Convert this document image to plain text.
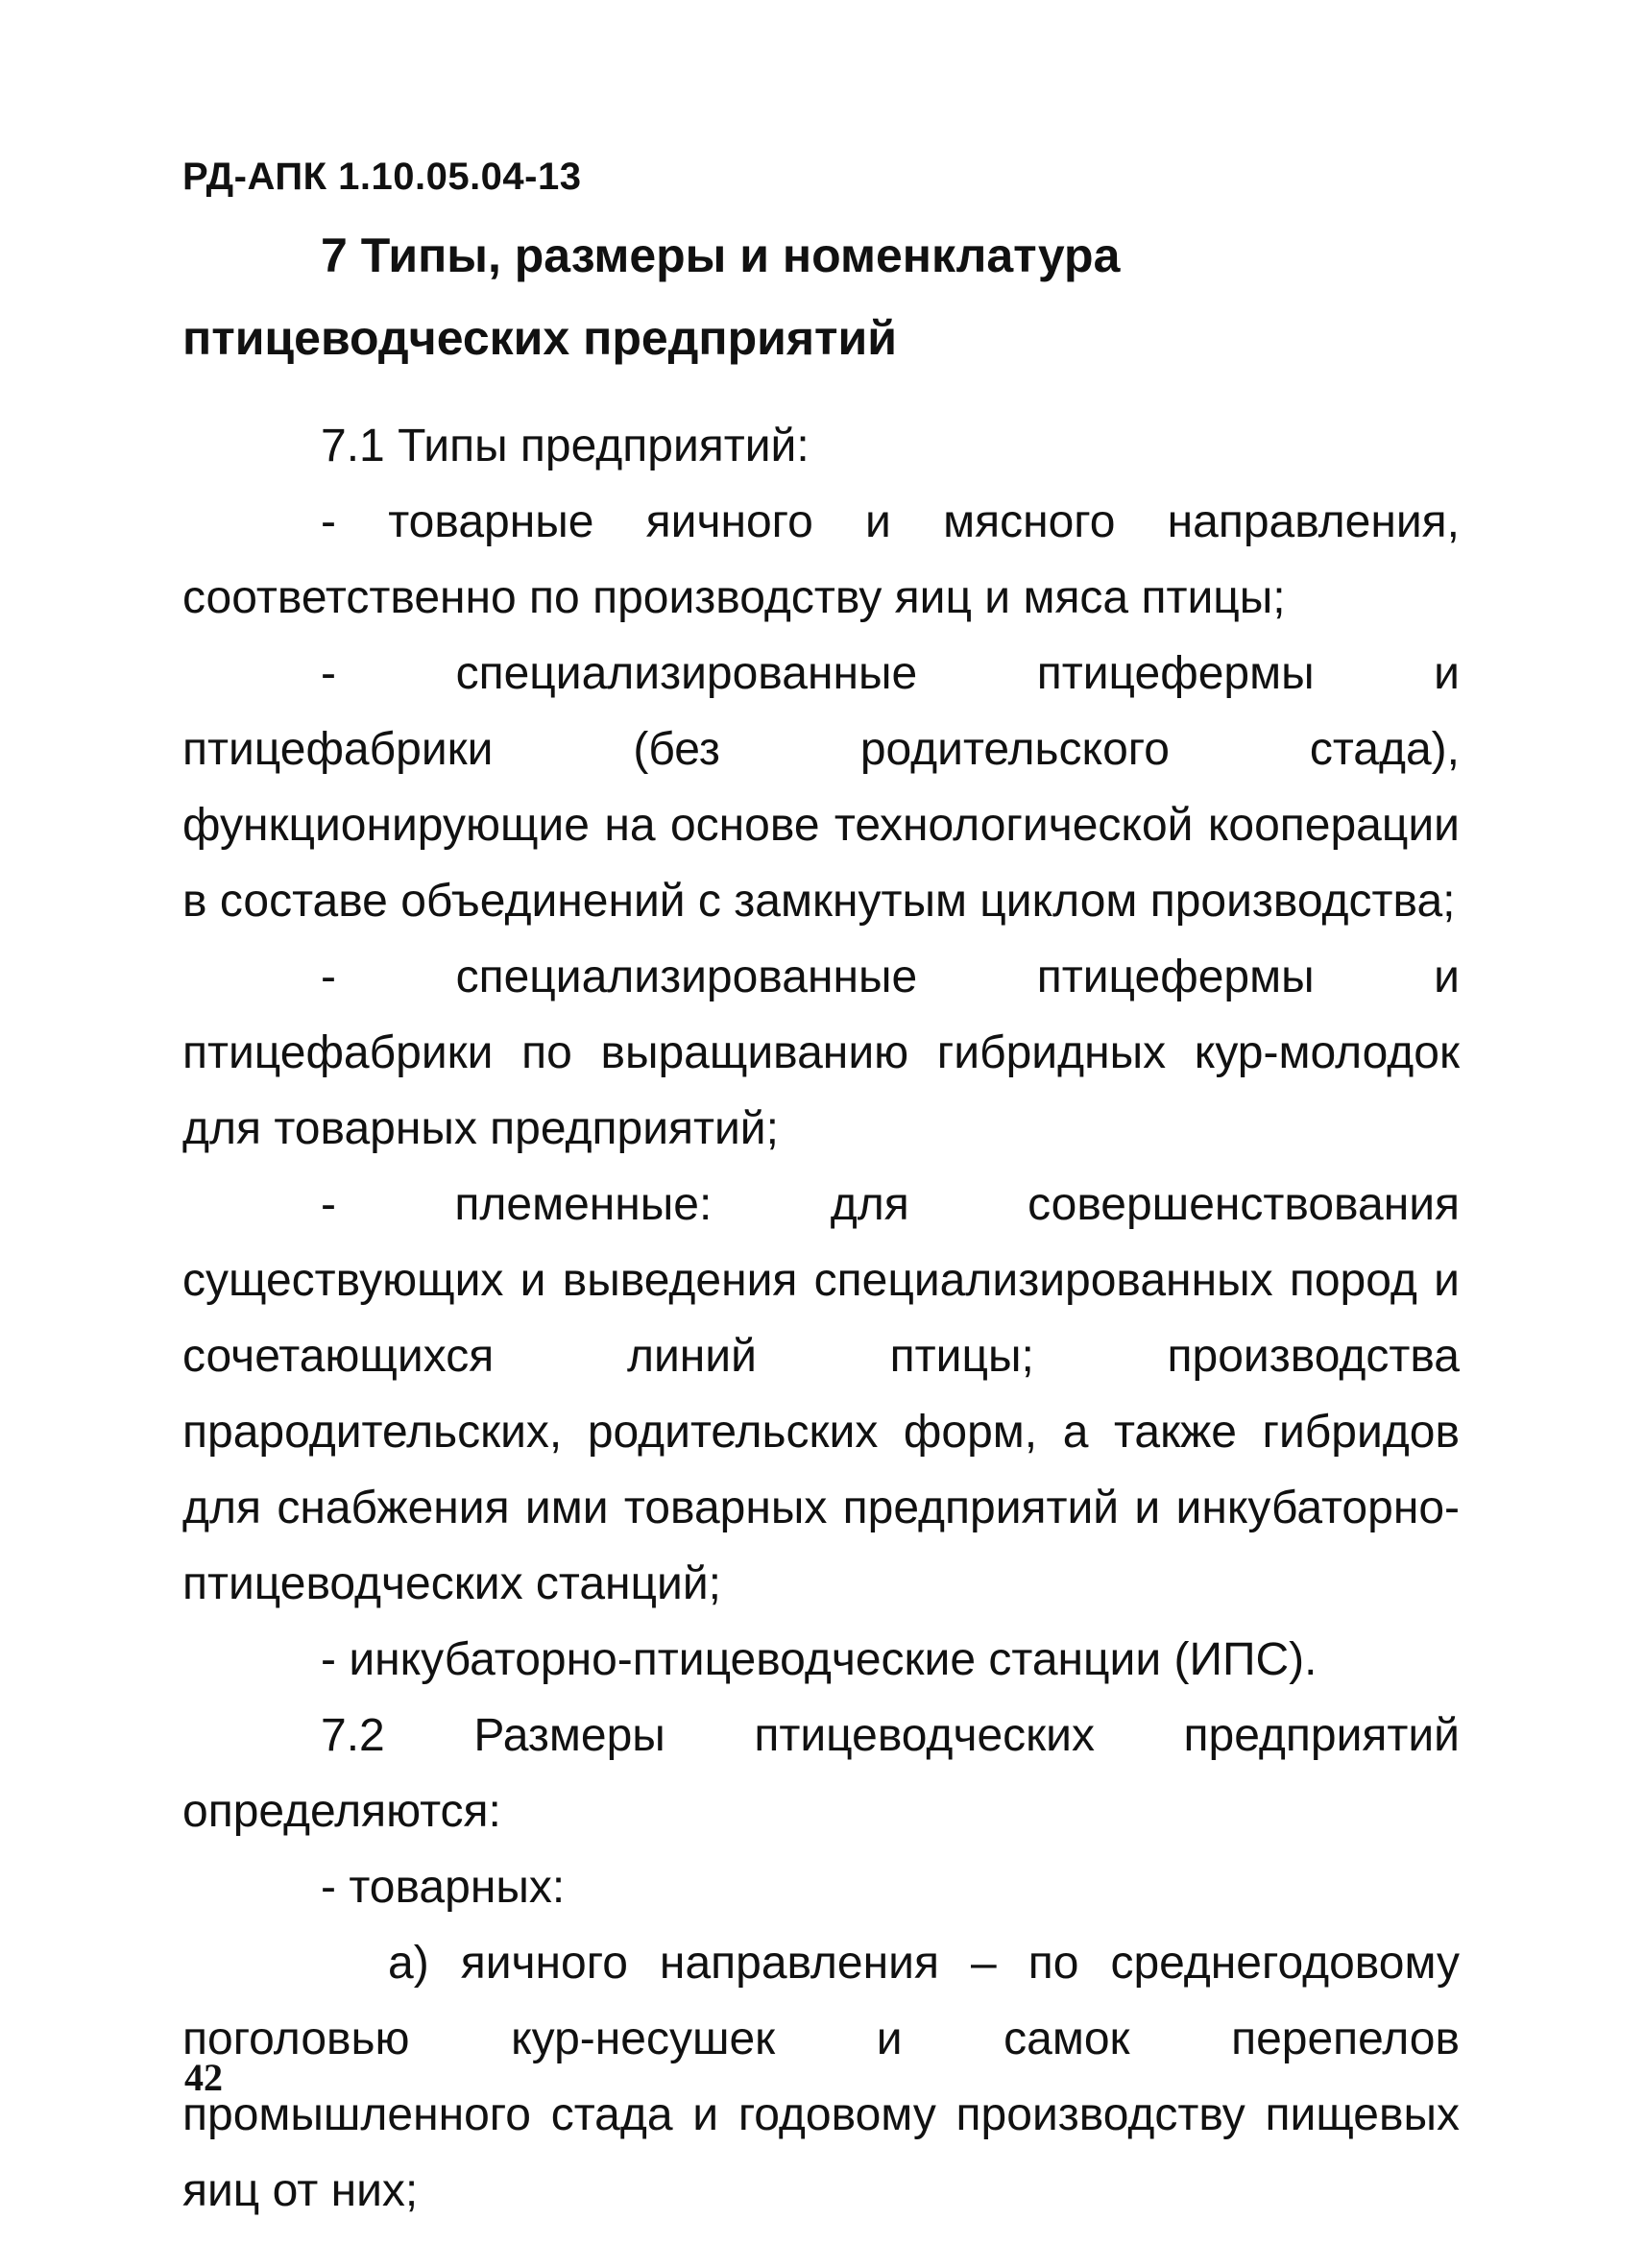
РД-АПК 1.10.05.04-13
7 Типы, размеры и номенклатура
птицеводческих предприятий

7.1 Типы предприятий:

- товарные яичного и мясного направления, соответственно по производству яиц и мяса птицы;

- специализированные птицефермы и птицефабрики (без родительского стада), функционирующие на основе технологической кооперации в составе объединений с замкнутым циклом производства;

- специализированные птицефермы и птицефабрики по выращиванию гибридных кур-молодок для товарных предприятий;

- племенные: для совершенствования существующих и выведения специализированных пород и сочетающихся линий птицы; производства прародительских, родительских форм, а также гибридов для снабжения ими товарных предприятий и инкубаторно-птицеводческих станций;

- инкубаторно-птицеводческие станции (ИПС).

7.2 Размеры птицеводческих предприятий определяются:

- товарных:

а) яичного направления – по среднегодовому поголовью кур-несушек и самок перепелов промышленного стада и годовому производству пищевых яиц от них;

42
